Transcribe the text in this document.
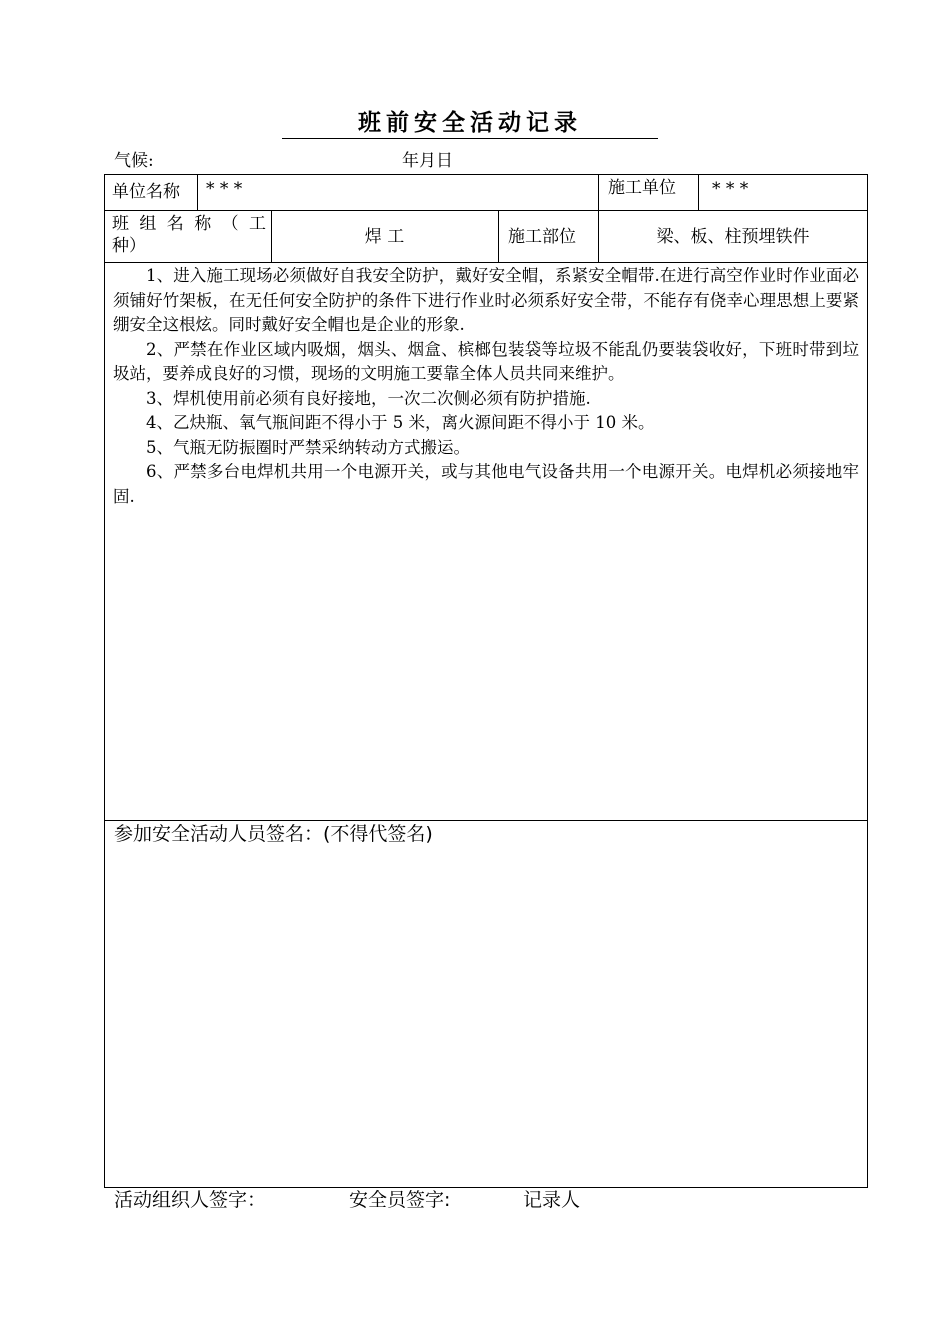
班前安全活动记录
气候:	年月日
单位名称 * * *	施工单位 * * *
班 组 名 称 （ 工 种）	焊 工	施工部位	梁、板、柱预埋铁件

1、进入施工现场必须做好自我安全防护，戴好安全帽，系紧安全帽带.在进行高空作业时作业面必须铺好竹架板，在无任何安全防护的条件下进行作业时必须系好安全带，不能存有侥幸心理思想上要紧绷安全这根炫。同时戴好安全帽也是企业的形象.

2、严禁在作业区域内吸烟，烟头、烟盒、槟榔包装袋等垃圾不能乱仍要装袋收好，下班时带到垃圾站，要养成良好的习惯，现场的文明施工要靠全体人员共同来维护。

3、焊机使用前必须有良好接地，一次二次侧必须有防护措施.

4、乙炔瓶、氧气瓶间距不得小于 5 米，离火源间距不得小于 10 米。

5、气瓶无防振圈时严禁采纳转动方式搬运。

6、严禁多台电焊机共用一个电源开关，或与其他电气设备共用一个电源开关。电焊机必须接地牢固.

参加安全活动人员签名：(不得代签名)
活动组织人签字：	安全员签字:	记录人
